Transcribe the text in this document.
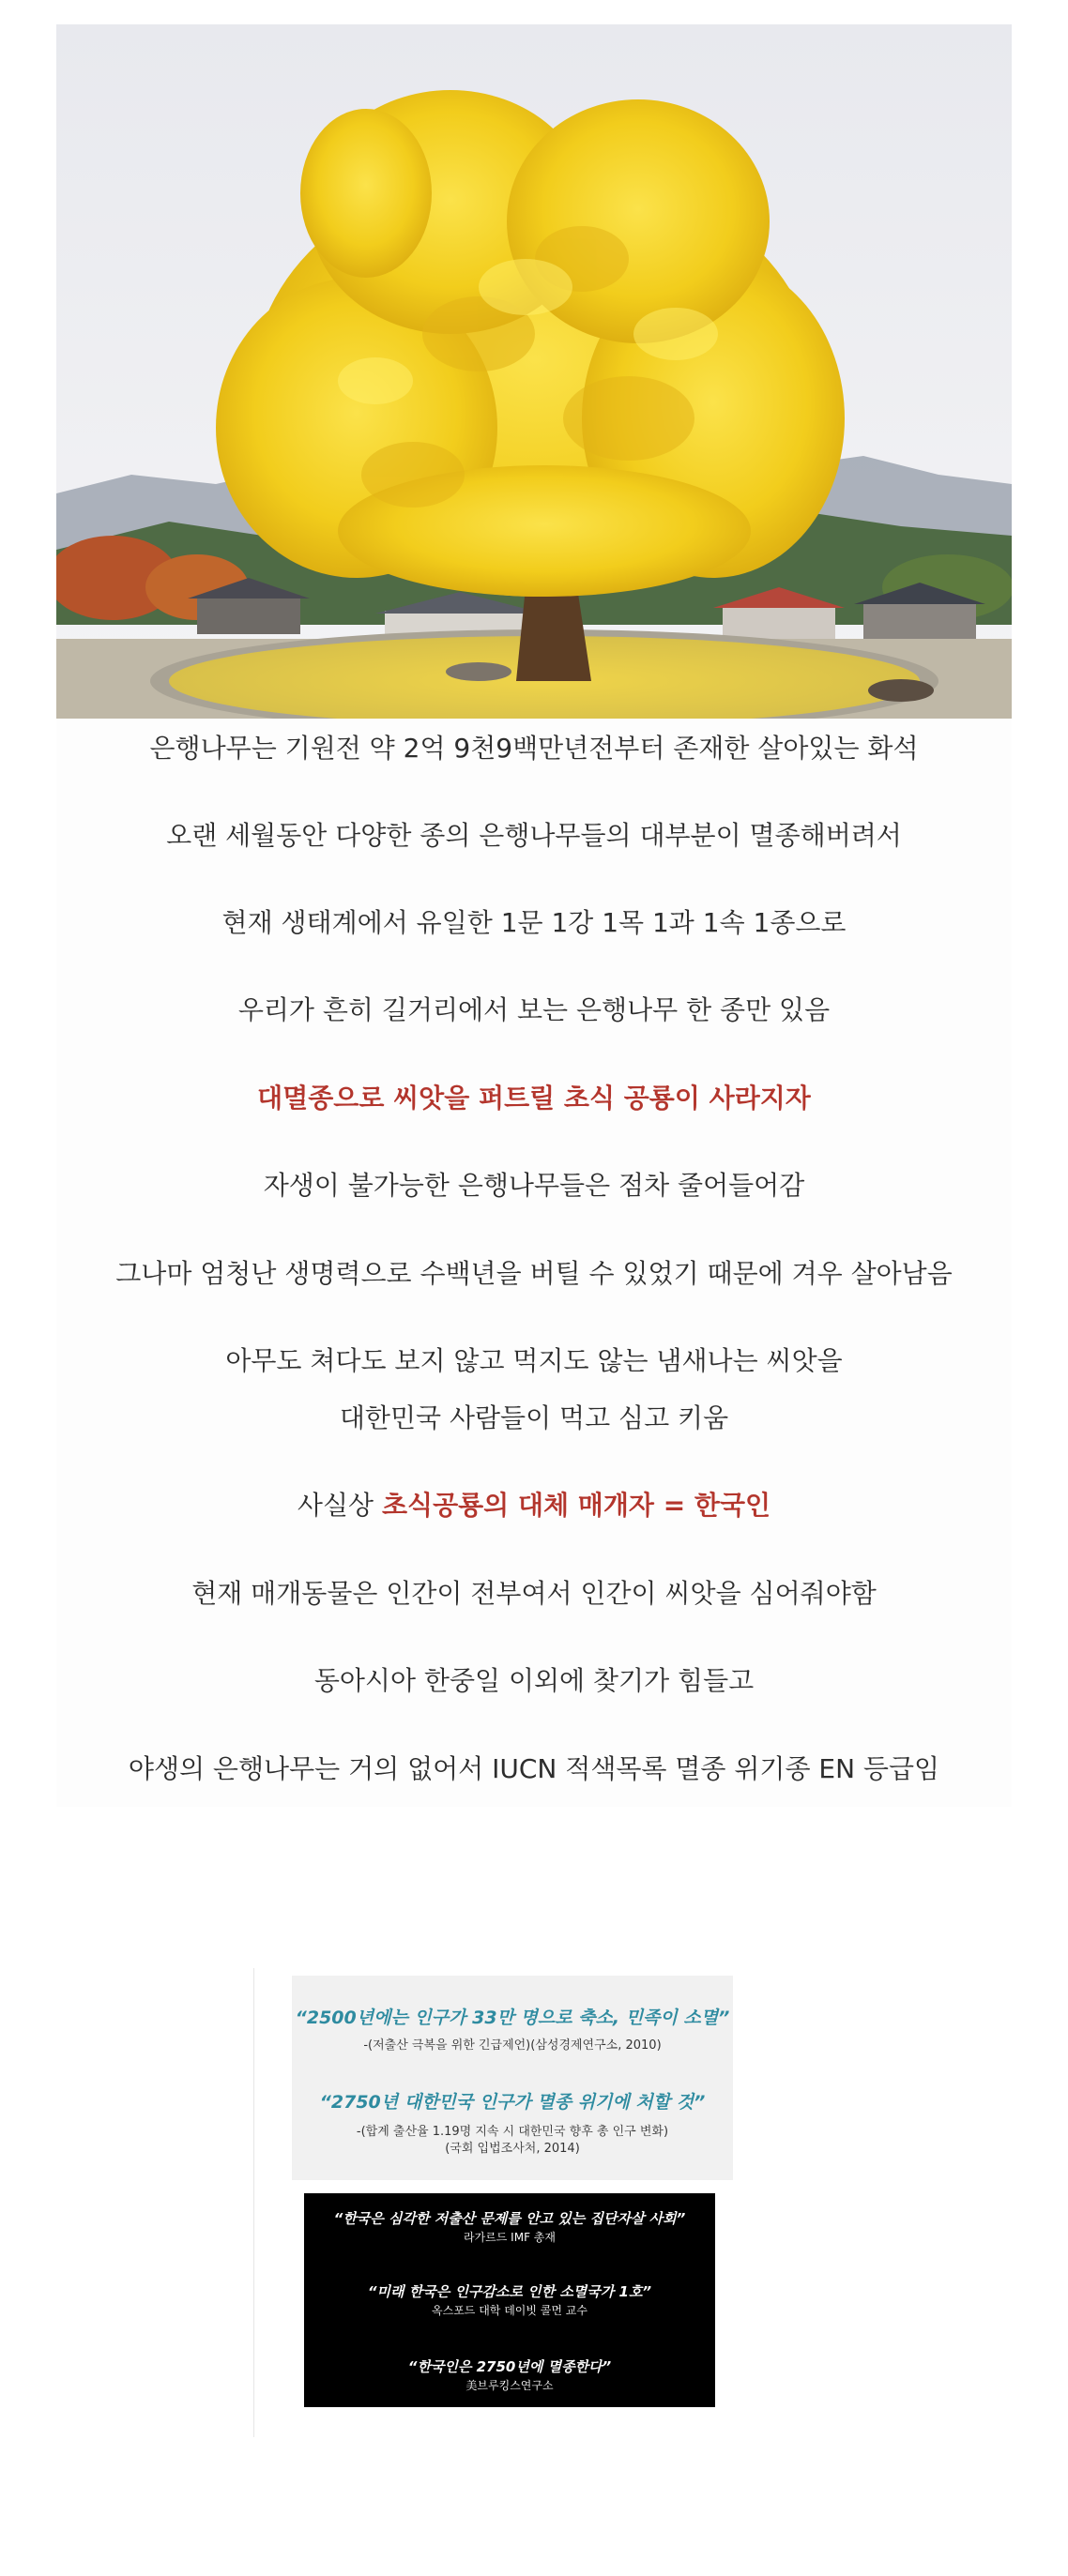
은행나무는 기원전 약 2억 9천9백만년전부터 존재한 살아있는 화석
오랜 세월동안 다양한 종의 은행나무들의 대부분이 멸종해버려서
현재 생태계에서 유일한 1문 1강 1목 1과 1속 1종으로
우리가 흔히 길거리에서 보는 은행나무 한 종만 있음
대멸종으로 씨앗을 퍼트릴 초식 공룡이 사라지자
자생이 불가능한 은행나무들은 점차 줄어들어감
그나마 엄청난 생명력으로 수백년을 버틸 수 있었기 때문에 겨우 살아남음
아무도 쳐다도 보지 않고 먹지도 않는 냄새나는 씨앗을
대한민국 사람들이 먹고 심고 키움
사실상 초식공룡의 대체 매개자 = 한국인
현재 매개동물은 인간이 전부여서 인간이 씨앗을 심어줘야함
동아시아 한중일 이외에 찾기가 힘들고
야생의 은행나무는 거의 없어서 IUCN 적색목록 멸종 위기종 EN 등급임
“2500년에는 인구가 33만 명으로 축소, 민족이 소멸”
-(저출산 극복을 위한 긴급제언)(삼성경제연구소, 2010)
“2750년 대한민국 인구가 멸종 위기에 처할 것”
-(합계 출산율 1.19명 지속 시 대한민국 향후 총 인구 변화)
(국회 입법조사처, 2014)
“한국은 심각한 저출산 문제를 안고 있는 집단자살 사회”
라가르드 IMF 총재
“미래 한국은 인구감소로 인한 소멸국가 1호”
옥스포드 대학 데이빗 콜먼 교수
“한국인은 2750년에 멸종한다”
美브루킹스연구소
